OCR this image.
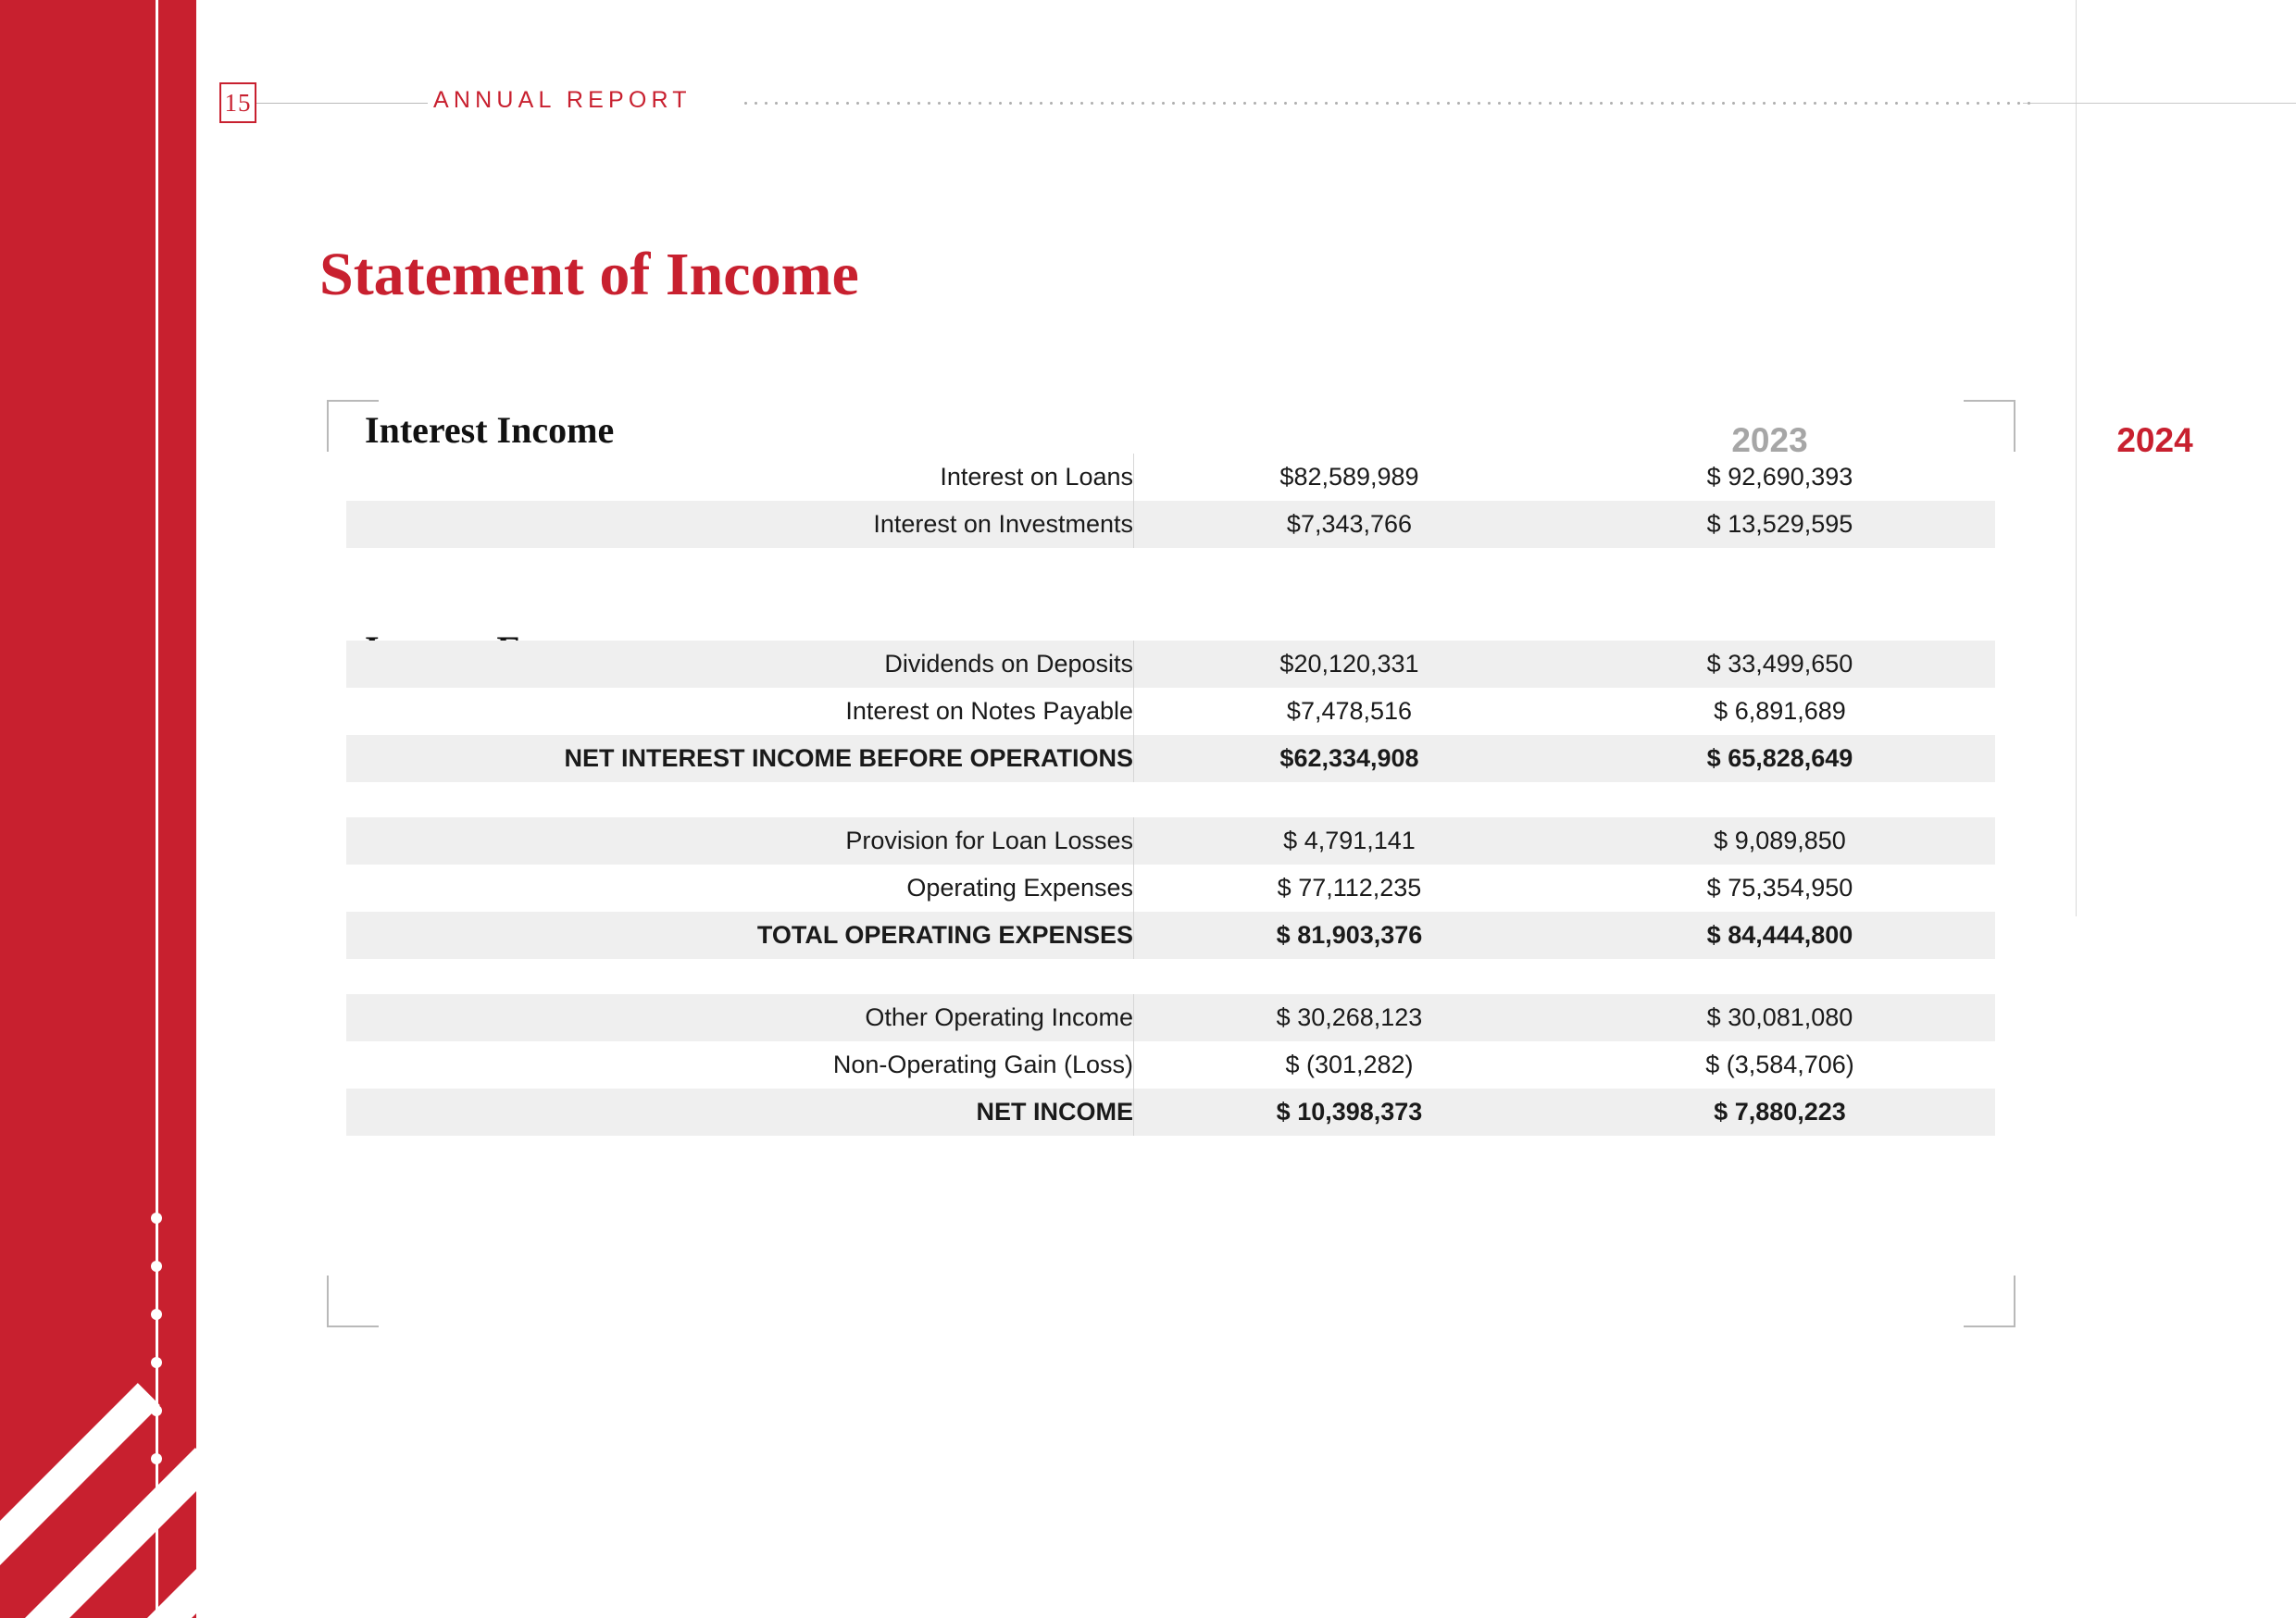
15	ANNUAL REPORT
Statement of Income
Interest Income	2023	2024
Interest on Loans	$82,589,989	$ 92,690,393
Interest on Investments	$7,343,766	$ 13,529,595
Dividends on Deposits	$20,120,331	$ 33,499,650
Interest on Notes Payable	$7,478,516	$ 6,891,689
NET INTEREST INCOME BEFORE OPERATIONS	$62,334,908	$ 65,828,649
Provision for Loan Losses	$ 4,791,141	$ 9,089,850
Operating Expenses	$ 77,112,235	$ 75,354,950
TOTAL OPERATING EXPENSES	$ 81,903,376	$ 84,444,800
Other Operating Income	$ 30,268,123	$ 30,081,080
Non-Operating Gain (Loss)	$ (301,282)	$ (3,584,706)
NET INCOME	$ 10,398,373	$ 7,880,223
